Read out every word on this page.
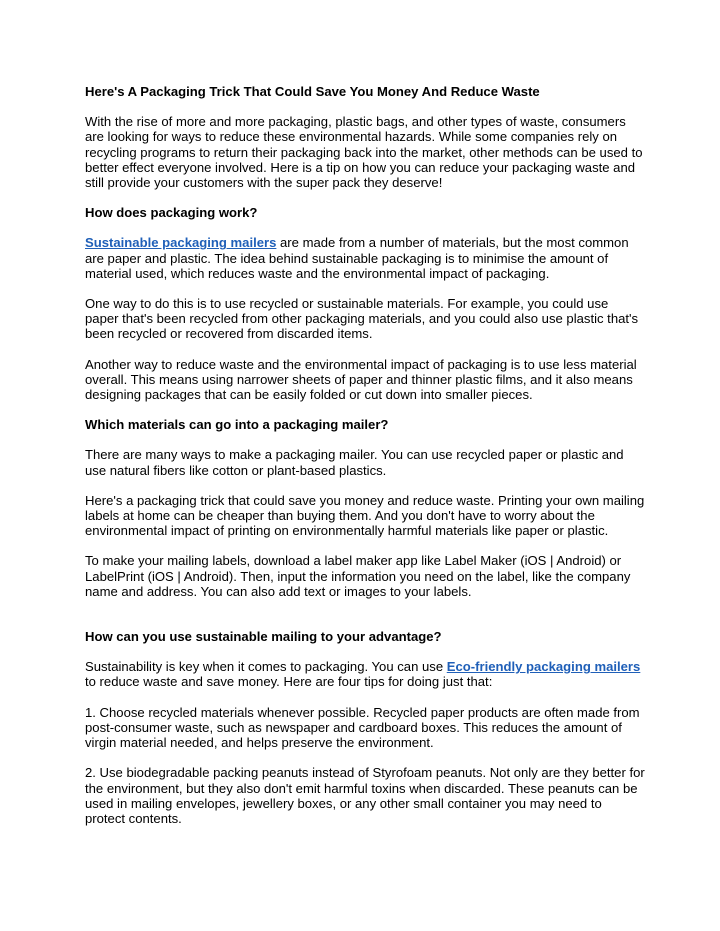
Here's A Packaging Trick That Could Save You Money And Reduce Waste

With the rise of more and more packaging, plastic bags, and other types of waste, consumers are looking for ways to reduce these environmental hazards. While some companies rely on recycling programs to return their packaging back into the market, other methods can be used to better effect everyone involved. Here is a tip on how you can reduce your packaging waste and still provide your customers with the super pack they deserve!

How does packaging work?

Sustainable packaging mailers are made from a number of materials, but the most common are paper and plastic. The idea behind sustainable packaging is to minimise the amount of material used, which reduces waste and the environmental impact of packaging.

One way to do this is to use recycled or sustainable materials. For example, you could use paper that's been recycled from other packaging materials, and you could also use plastic that's been recycled or recovered from discarded items.

Another way to reduce waste and the environmental impact of packaging is to use less material overall. This means using narrower sheets of paper and thinner plastic films, and it also means designing packages that can be easily folded or cut down into smaller pieces.

Which materials can go into a packaging mailer?

There are many ways to make a packaging mailer. You can use recycled paper or plastic and use natural fibers like cotton or plant-based plastics.

Here's a packaging trick that could save you money and reduce waste. Printing your own mailing labels at home can be cheaper than buying them. And you don't have to worry about the environmental impact of printing on environmentally harmful materials like paper or plastic.

To make your mailing labels, download a label maker app like Label Maker (iOS | Android) or LabelPrint (iOS | Android). Then, input the information you need on the label, like the company name and address. You can also add text or images to your labels.

How can you use sustainable mailing to your advantage?

Sustainability is key when it comes to packaging. You can use Eco-friendly packaging mailers to reduce waste and save money. Here are four tips for doing just that:

1. Choose recycled materials whenever possible. Recycled paper products are often made from post-consumer waste, such as newspaper and cardboard boxes. This reduces the amount of virgin material needed, and helps preserve the environment.

2. Use biodegradable packing peanuts instead of Styrofoam peanuts. Not only are they better for the environment, but they also don't emit harmful toxins when discarded. These peanuts can be used in mailing envelopes, jewellery boxes, or any other small container you may need to protect contents.
